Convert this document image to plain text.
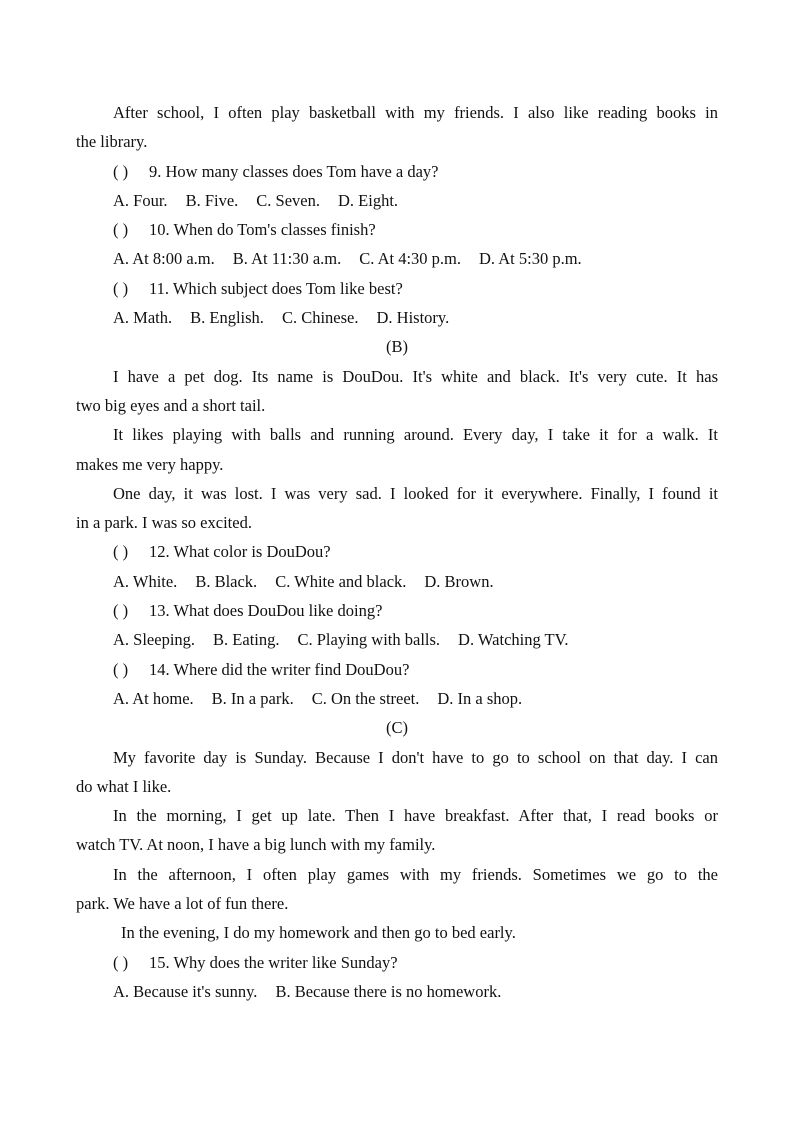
After school, I often play basketball with my friends. I also like reading books in
the library.
( ) 9. How many classes does Tom have a day?
A. Four. B. Five. C. Seven. D. Eight.
( ) 10. When do Tom's classes finish?
A. At 8:00 a.m. B. At 11:30 a.m. C. At 4:30 p.m. D. At 5:30 p.m.
( ) 11. Which subject does Tom like best?
A. Math. B. English. C. Chinese. D. History.
(B)
I have a pet dog. Its name is DouDou. It's white and black. It's very cute. It has
two big eyes and a short tail.
It likes playing with balls and running around. Every day, I take it for a walk. It
makes me very happy.
One day, it was lost. I was very sad. I looked for it everywhere. Finally, I found it
in a park. I was so excited.
( ) 12. What color is DouDou?
A. White. B. Black. C. White and black. D. Brown.
( ) 13. What does DouDou like doing?
A. Sleeping. B. Eating. C. Playing with balls. D. Watching TV.
( ) 14. Where did the writer find DouDou?
A. At home. B. In a park. C. On the street. D. In a shop.
(C)
My favorite day is Sunday. Because I don't have to go to school on that day. I can
do what I like.
In the morning, I get up late. Then I have breakfast. After that, I read books or
watch TV. At noon, I have a big lunch with my family.
In the afternoon, I often play games with my friends. Sometimes we go to the
park. We have a lot of fun there.
In the evening, I do my homework and then go to bed early.
( ) 15. Why does the writer like Sunday?
A. Because it's sunny. B. Because there is no homework.
